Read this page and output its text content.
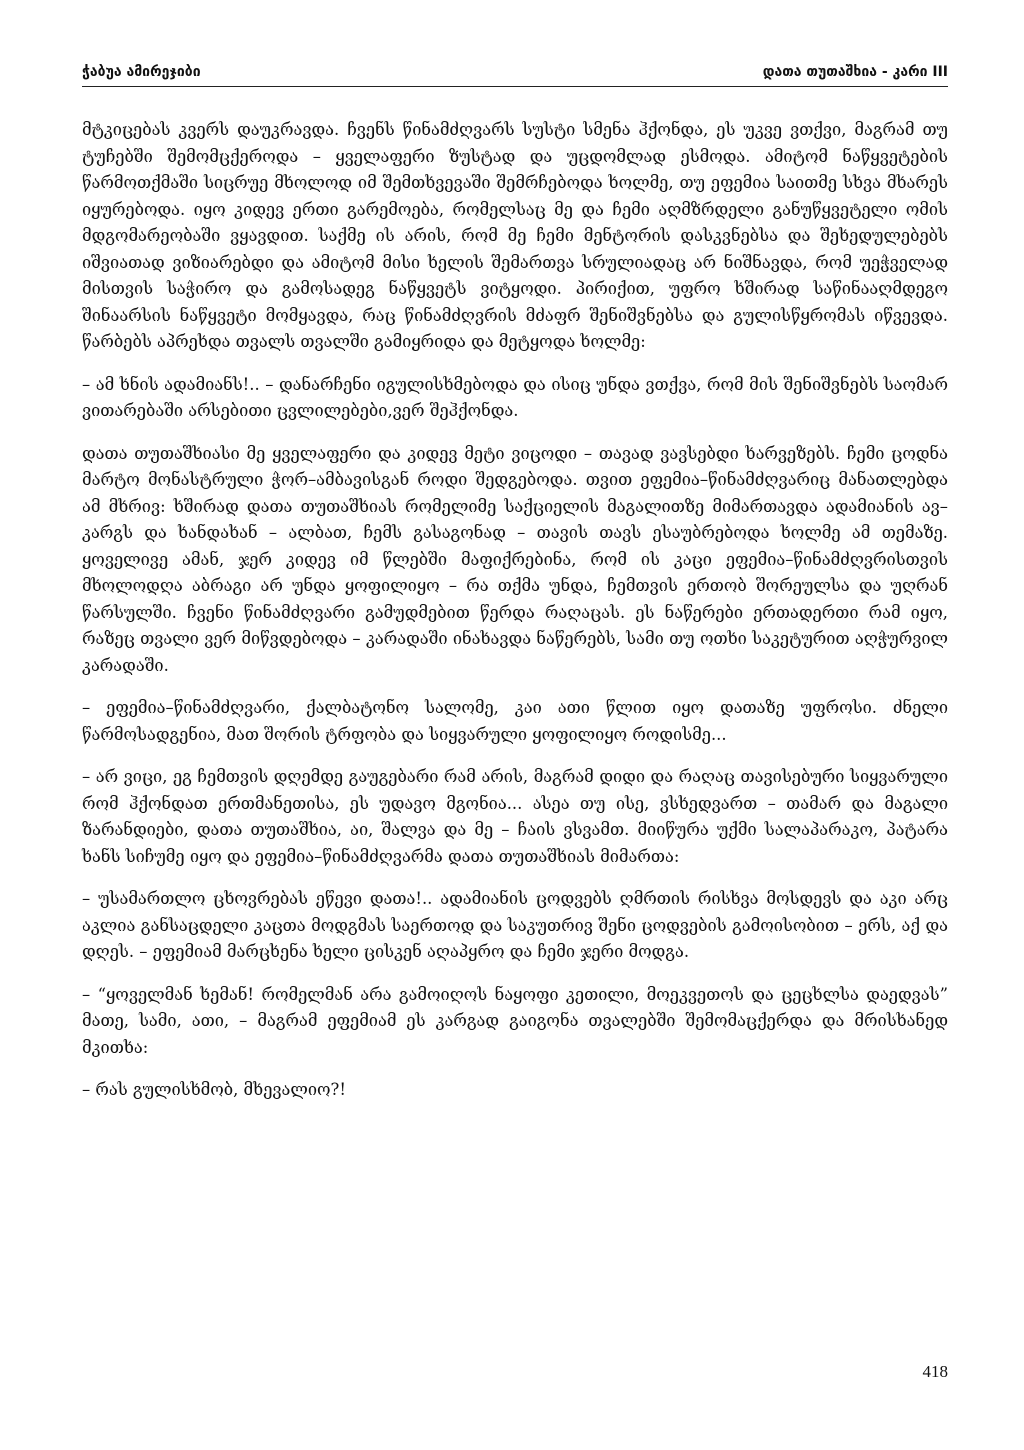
ჭაბუა ამირეჯიბი	დათა თუთაშხია - კარი III

მტკიცებას კვერს დაუკრავდა. ჩვენს წინამძღვარს სუსტი სმენა ჰქონდა, ეს უკვე ვთქვი, მაგრამ თუ ტუჩებში შემომცქეროდა – ყველაფერი ზუსტად და უცდომლად ესმოდა. ამიტომ ნაწყვეტების წარმოთქმაში სიცრუე მხოლოდ იმ შემთხვევაში შემრჩებოდა ხოლმე, თუ ეფემია საითმე სხვა მხარეს იყურებოდა. იყო კიდევ ერთი გარემოება, რომელსაც მე და ჩემი აღმზრდელი განუწყვეტელი ომის მდგომარეობაში ვყავდით. საქმე ის არის, რომ მე ჩემი მენტორის დასკვნებსა და შეხედულებებს იშვიათად ვიზიარებდი და ამიტომ მისი ხელის შემართვა სრულიადაც არ ნიშნავდა, რომ უეჭველად მისთვის საჭირო და გამოსადეგ ნაწყვეტს ვიტყოდი. პირიქით, უფრო ხშირად საწინააღმდეგო შინაარსის ნაწყვეტი მომყავდა, რაც წინამძღვრის მძაფრ შენიშვნებსა და გულისწყრომას იწვევდა. წარბებს აპრეხდა თვალს თვალში გამიყრიდა და მეტყოდა ხოლმე:

– ამ ხნის ადამიანს!.. – დანარჩენი იგულისხმებოდა და ისიც უნდა ვთქვა, რომ მის შენიშვნებს საომარ ვითარებაში არსებითი ცვლილებები,ვერ შეჰქონდა.

დათა თუთაშხიასი მე ყველაფერი და კიდევ მეტი ვიცოდი – თავად ვავსებდი ხარვეზებს. ჩემი ცოდნა მარტო მონასტრული ჭორ–ამბავისგან როდი შედგებოდა. თვით ეფემია–წინამძღვარიც მანათლებდა ამ მხრივ: ხშირად დათა თუთაშხიას რომელიმე საქციელის მაგალითზე მიმართავდა ადამიანის ავ–კარგს და ხანდახან – ალბათ, ჩემს გასაგონად – თავის თავს ესაუბრებოდა ხოლმე ამ თემაზე. ყოველივე ამან, ჯერ კიდევ იმ წლებში მაფიქრებინა, რომ ის კაცი ეფემია–წინამძღვრისთვის მხოლოდღა აბრაგი არ უნდა ყოფილიყო – რა თქმა უნდა, ჩემთვის ერთობ შორეულსა და უღრან წარსულში. ჩვენი წინამძღვარი გამუდმებით წერდა რაღაცას. ეს ნაწერები ერთადერთი რამ იყო, რაზეც თვალი ვერ მიწვდებოდა – კარადაში ინახავდა ნაწერებს, სამი თუ ოთხი საკეტურით აღჭურვილ კარადაში.

– ეფემია–წინამძღვარი, ქალბატონო სალომე, კაი ათი წლით იყო დათაზე უფროსი. ძნელი წარმოსადგენია, მათ შორის ტრფობა და სიყვარული ყოფილიყო როდისმე...

– არ ვიცი, ეგ ჩემთვის დღემდე გაუგებარი რამ არის, მაგრამ დიდი და რაღაც თავისებური სიყვარული რომ ჰქონდათ ერთმანეთისა, ეს უდავო მგონია... ასეა თუ ისე, ვსხედვართ – თამარ და მაგალი ზარანდიები, დათა თუთაშხია, აი, შალვა და მე – ჩაის ვსვამთ. მიიწურა უქმი სალაპარაკო, პატარა ხანს სიჩუმე იყო და ეფემია–წინამძღვარმა დათა თუთაშხიას მიმართა:

– უსამართლო ცხოვრებას ეწევი დათა!.. ადამიანის ცოდვებს ღმრთის რისხვა მოსდევს და აკი არც აკლია განსაცდელი კაცთა მოდგმას საერთოდ და საკუთრივ შენი ცოდვების გამოისობით – ერს, აქ და დღეს. – ეფემიამ მარცხენა ხელი ცისკენ აღაპყრო და ჩემი ჯერი მოდგა.

– “ყოველმან ხემან! რომელმან არა გამოიღოს ნაყოფი კეთილი, მოეკვეთოს და ცეცხლსა დაედვას” მათე, სამი, ათი, – მაგრამ ეფემიამ ეს კარგად გაიგონა თვალებში შემომაცქერდა და მრისხანედ მკითხა:

– რას გულისხმობ, მხევალიო?!

418
